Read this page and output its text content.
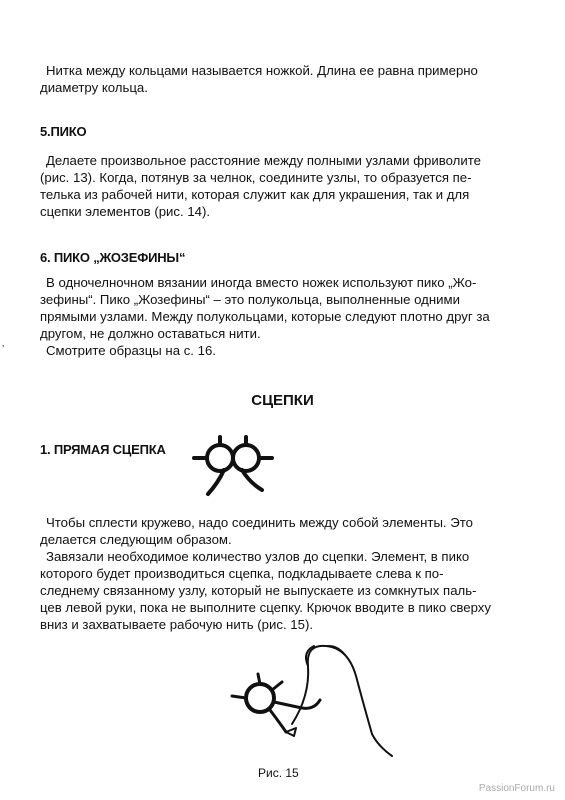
Нитка между кольцами называется ножкой. Длина ее равна примерно
диаметру кольца.
5.ПИКО
Делаете произвольное расстояние между полными узлами фриволите
(рис. 13). Когда, потянув за челнок, соедините узлы, то образуется пе-
телька из рабочей нити, которая служит как для украшения, так и для
сцепки элементов (рис. 14).
6. ПИКО „ЖОЗЕФИНЫ“
В одночелночном вязании иногда вместо ножек используют пико „Жо-
зефины“. Пико „Жозефины“ – это полукольца, выполненные одними
прямыми узлами. Между полукольцами, которые следуют плотно друг за
другом, не должно оставаться нити.
Смотрите образцы на с. 16.
‚
СЦЕПКИ
1. ПРЯМАЯ СЦЕПКА
Чтобы сплести кружево, надо соединить между собой элементы. Это
делается следующим образом.
Завязали необходимое количество узлов до сцепки. Элемент, в пико
которого будет производиться сцепка, подкладываете слева к по-
следнему связанному узлу, который не выпускаете из сомкнутых паль-
цев левой руки, пока не выполните сцепку. Крючок вводите в пико сверху
вниз и захватываете рабочую нить (рис. 15).
Рис. 15
PassionForum.ru
